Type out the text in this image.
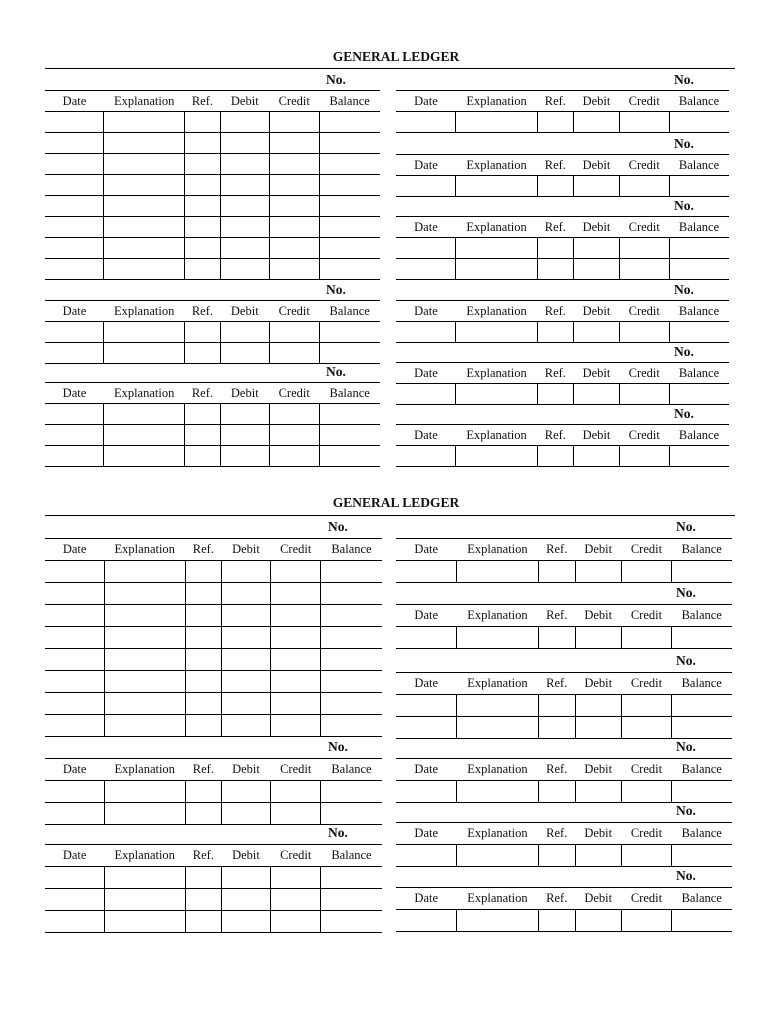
GENERAL LEDGER
No.
Date	Explanation	Ref.	Debit	Credit	Balance

No.
Date	Explanation	Ref.	Debit	Credit	Balance

No.
Date	Explanation	Ref.	Debit	Credit	Balance

No.
Date	Explanation	Ref.	Debit	Credit	Balance

No.
Date	Explanation	Ref.	Debit	Credit	Balance

No.
Date	Explanation	Ref.	Debit	Credit	Balance

No.
Date	Explanation	Ref.	Debit	Credit	Balance

No.
Date	Explanation	Ref.	Debit	Credit	Balance

No.
Date	Explanation	Ref.	Debit	Credit	Balance

GENERAL LEDGER
No.
Date	Explanation	Ref.	Debit	Credit	Balance

No.
Date	Explanation	Ref.	Debit	Credit	Balance

No.
Date	Explanation	Ref.	Debit	Credit	Balance

No.
Date	Explanation	Ref.	Debit	Credit	Balance

No.
Date	Explanation	Ref.	Debit	Credit	Balance

No.
Date	Explanation	Ref.	Debit	Credit	Balance

No.
Date	Explanation	Ref.	Debit	Credit	Balance

No.
Date	Explanation	Ref.	Debit	Credit	Balance

No.
Date	Explanation	Ref.	Debit	Credit	Balance
